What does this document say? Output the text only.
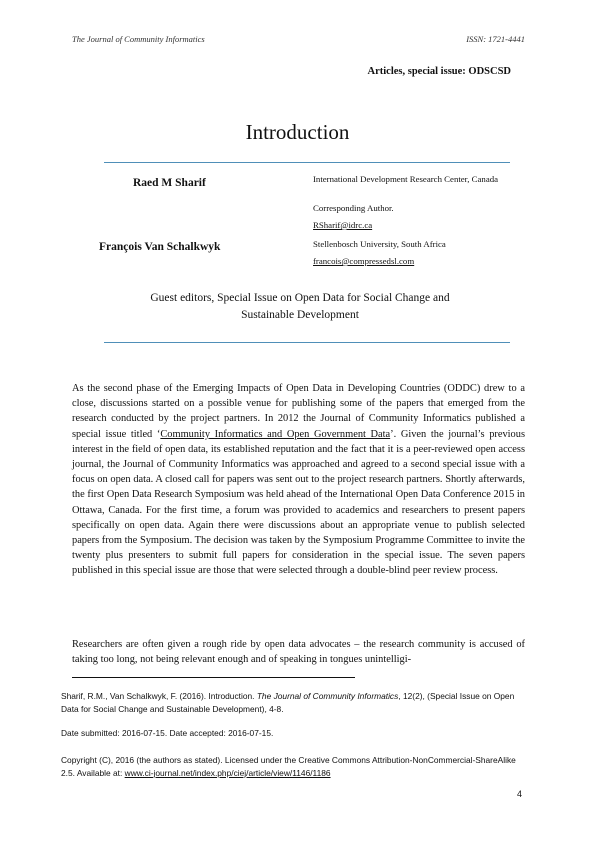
The Journal of Community Informatics	ISSN: 1721-4441
Articles, special issue: ODSCSD
Introduction
Raed M Sharif	International Development Research Center, Canada
Corresponding Author.
RSharif@idrc.ca
François Van Schalkwyk	Stellenbosch University, South Africa
francois@compressedsl.com
Guest editors, Special Issue on Open Data for Social Change and
Sustainable Development

As the second phase of the Emerging Impacts of Open Data in Developing Countries (ODDC) drew to a close, discussions started on a possible venue for publishing some of the papers that emerged from the research conducted by the project partners. In 2012 the Journal of Community Informatics published a special issue titled ‘Community Informatics and Open Government Data’. Given the journal’s previous interest in the field of open data, its established reputation and the fact that it is a peer-reviewed open access journal, the Journal of Community Informatics was approached and agreed to a second special issue with a focus on open data. A closed call for papers was sent out to the project research partners. Shortly afterwards, the first Open Data Research Symposium was held ahead of the International Open Data Conference 2015 in Ottawa, Canada. For the first time, a forum was provided to academics and researchers to present papers specifically on open data. Again there were discussions about an appropriate venue to publish selected papers from the Symposium. The decision was taken by the Symposium Programme Committee to invite the twenty plus presenters to submit full papers for consideration in the special issue. The seven papers published in this special issue are those that were selected through a double-blind peer review process.

Researchers are often given a rough ride by open data advocates – the research community is accused of taking too long, not being relevant enough and of speaking in tongues unintelligi-

Sharif, R.M., Van Schalkwyk, F. (2016). Introduction. The Journal of Community Informatics, 12(2), (Special Issue on Open Data for Social Change and Sustainable Development), 4-8.

Date submitted: 2016-07-15. Date accepted: 2016-07-15.

Copyright (C), 2016 (the authors as stated). Licensed under the Creative Commons Attribution-NonCommercial-ShareAlike 2.5. Available at: www.ci-journal.net/index.php/ciej/article/view/1146/1186

4
